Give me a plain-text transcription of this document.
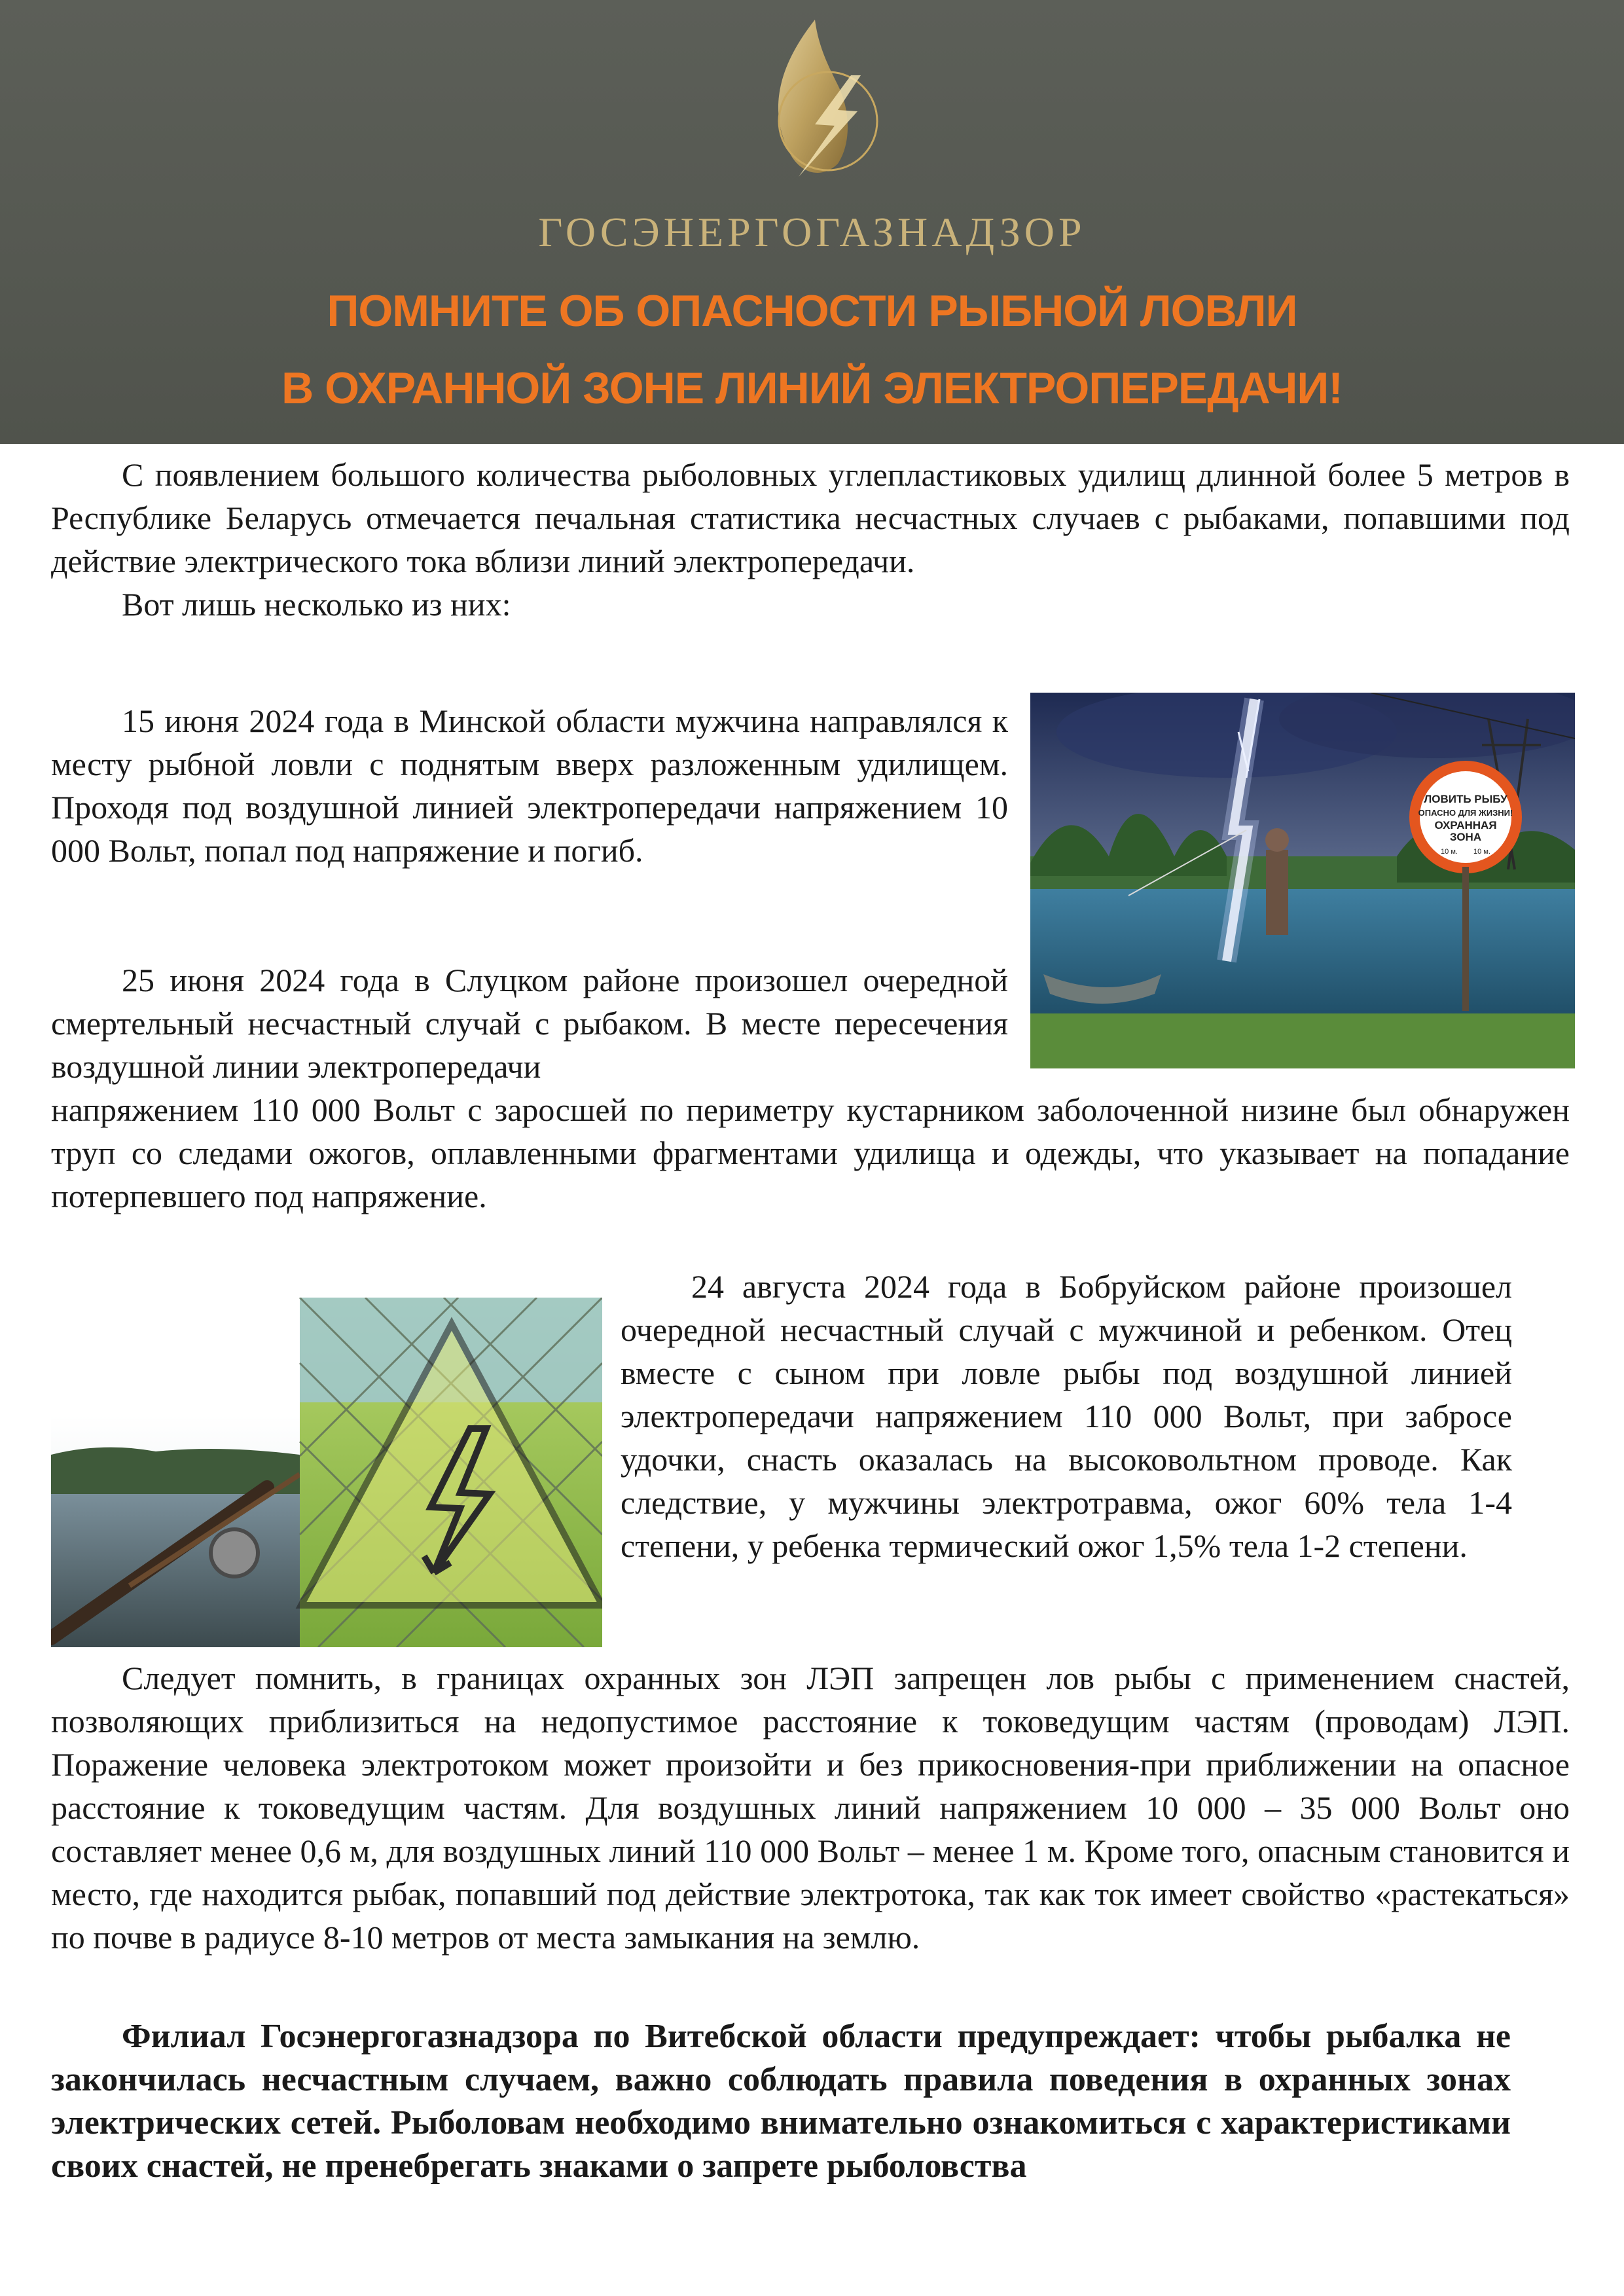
ГОСЭНЕРГОГАЗНАДЗОР
ПОМНИТЕ ОБ ОПАСНОСТИ РЫБНОЙ ЛОВЛИ
В ОХРАННОЙ ЗОНЕ ЛИНИЙ ЭЛЕКТРОПЕРЕДАЧИ!

С появлением большого количества рыболовных углепластиковых удилищ длинной более 5 метров в Республике Беларусь отмечается печальная статистика несчастных случаев с рыбаками, попавшими под действие электрического тока вблизи линий электропередачи.

Вот лишь несколько из них:

15 июня 2024 года в Минской области мужчина направлялся к месту рыбной ловли с поднятым вверх разложенным удилищем. Проходя под воздушной линией электропередачи напряжением 10 000 Вольт, попал под напряжение и погиб.

ЛОВИТЬ РЫБУ
ОПАСНО ДЛЯ ЖИЗНИ!
ОХРАННАЯ
ЗОНА
10 м. 10 м.

25 июня 2024 года в Слуцком районе произошел очередной смертельный несчастный случай с рыбаком. В месте пересечения воздушной линии электропередачи

напряжением 110 000 Вольт с заросшей по периметру кустарником заболоченной низине был обнаружен труп со следами ожогов, оплавленными фрагментами удилища и одежды, что указывает на попадание потерпевшего под напряжение.

24 августа 2024 года в Бобруйском районе произошел очередной несчастный случай с мужчиной и ребенком. Отец вместе с сыном при ловле рыбы под воздушной линией электропередачи напряжением 110 000 Вольт, при забросе удочки, снасть оказалась на высоковольтном проводе. Как следствие, у мужчины электротравма, ожог 60% тела 1-4 степени, у ребенка термический ожог 1,5% тела 1-2 степени.

Следует помнить, в границах охранных зон ЛЭП запрещен лов рыбы с применением снастей, позволяющих приблизиться на недопустимое расстояние к токоведущим частям (проводам) ЛЭП. Поражение человека электротоком может произойти и без прикосновения-при приближении на опасное расстояние к токоведущим частям. Для воздушных линий напряжением 10 000 – 35 000 Вольт оно составляет менее 0,6 м, для воздушных линий 110 000 Вольт – менее 1 м. Кроме того, опасным становится и место, где находится рыбак, попавший под действие электротока, так как ток имеет свойство «растекаться» по почве в радиусе 8-10 метров от места замыкания на землю.

Филиал Госэнергогазнадзора по Витебской области предупреждает: чтобы рыбалка не закончилась несчастным случаем, важно соблюдать правила поведения в охранных зонах электрических сетей. Рыболовам необходимо внимательно ознакомиться с характеристиками своих снастей, не пренебрегать знаками о запрете рыболовства
